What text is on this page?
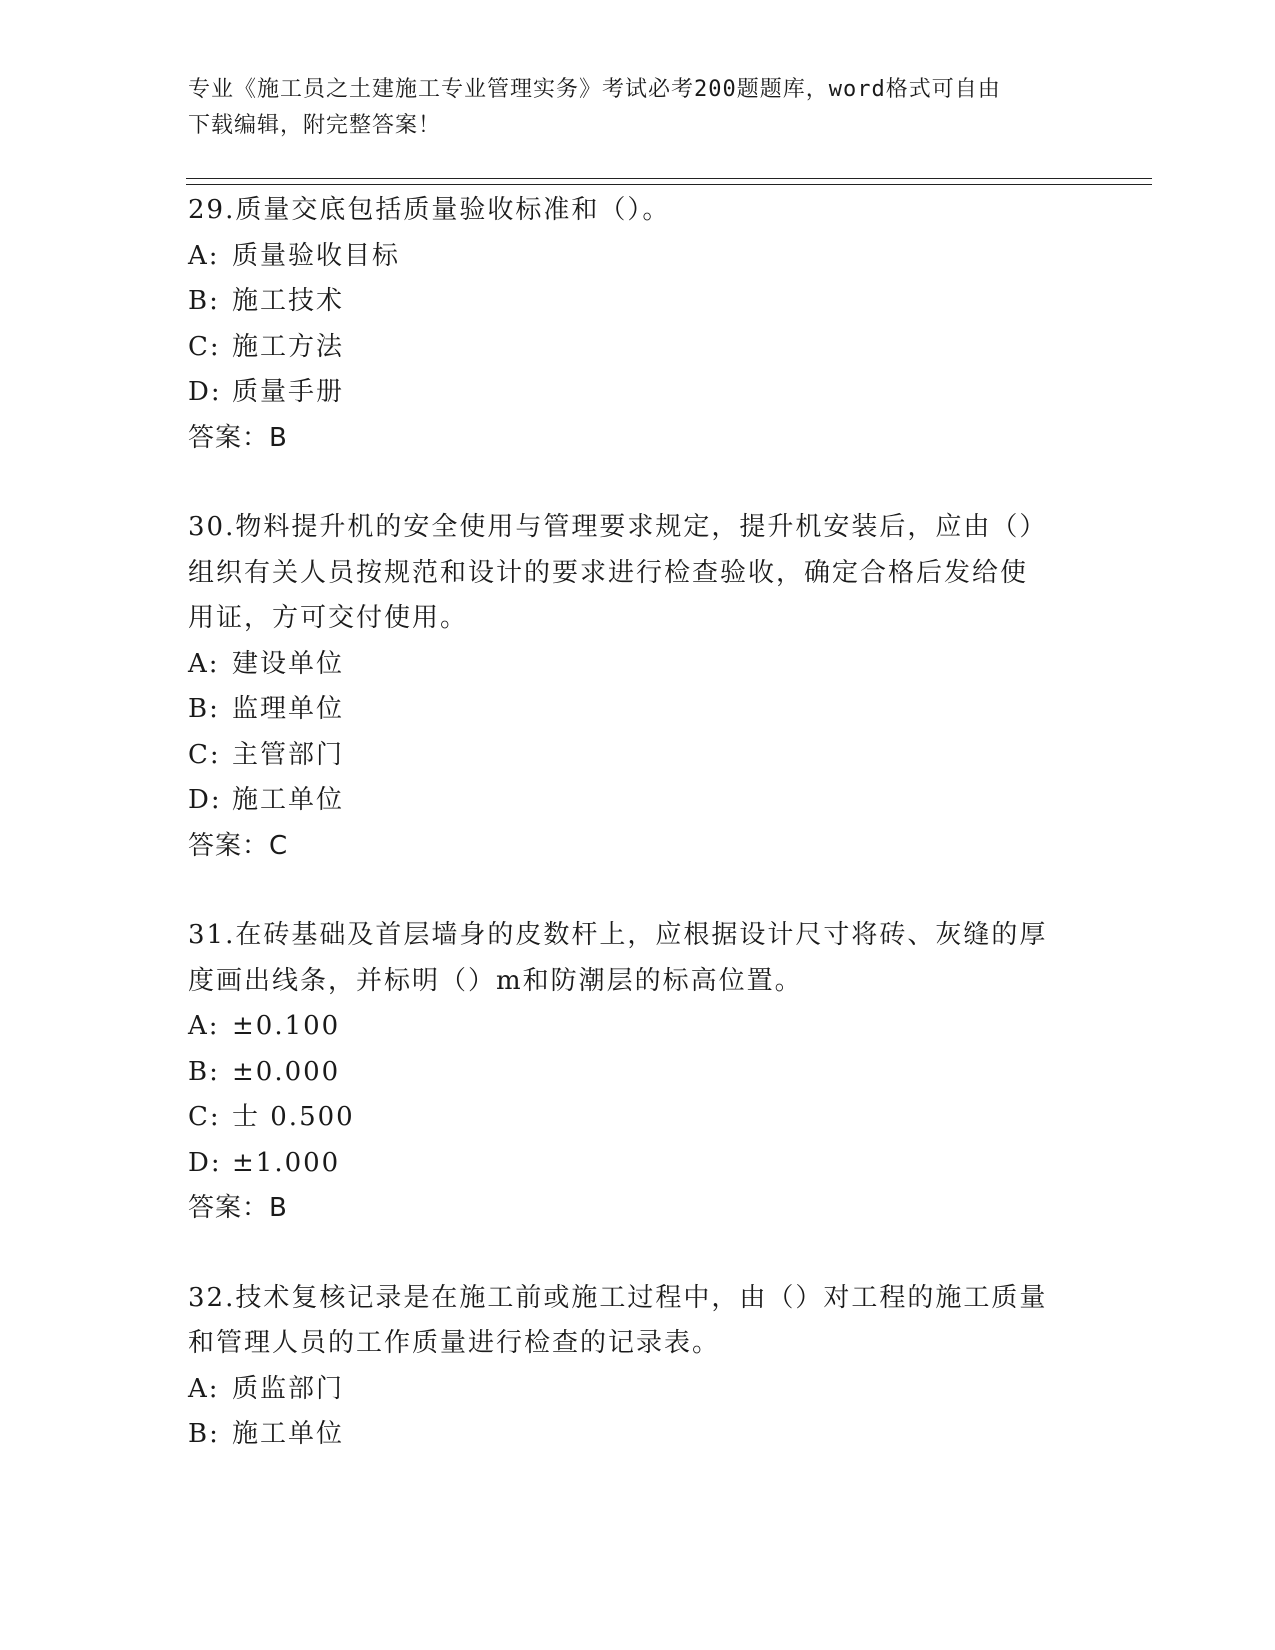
专业《施工员之土建施工专业管理实务》考试必考200题题库，word格式可自由
下载编辑，附完整答案！

29.质量交底包括质量验收标准和（）。

A: 质量验收目标
B: 施工技术
C: 施工方法
D: 质量手册

答案：B

30.物料提升机的安全使用与管理要求规定，提升机安装后，应由（）

组织有关人员按规范和设计的要求进行检查验收，确定合格后发给使

用证，方可交付使用。

A: 建设单位
B: 监理单位
C: 主管部门
D: 施工单位

答案：C

31.在砖基础及首层墙身的皮数杆上，应根据设计尺寸将砖、灰缝的厚

度画出线条，并标明（）m和防潮层的标高位置。

A: ±0.100
B: ±0.000
C: 士 0.500
D: ±1.000

答案：B

32.技术复核记录是在施工前或施工过程中，由（）对工程的施工质量

和管理人员的工作质量进行检查的记录表。

A: 质监部门
B: 施工单位
